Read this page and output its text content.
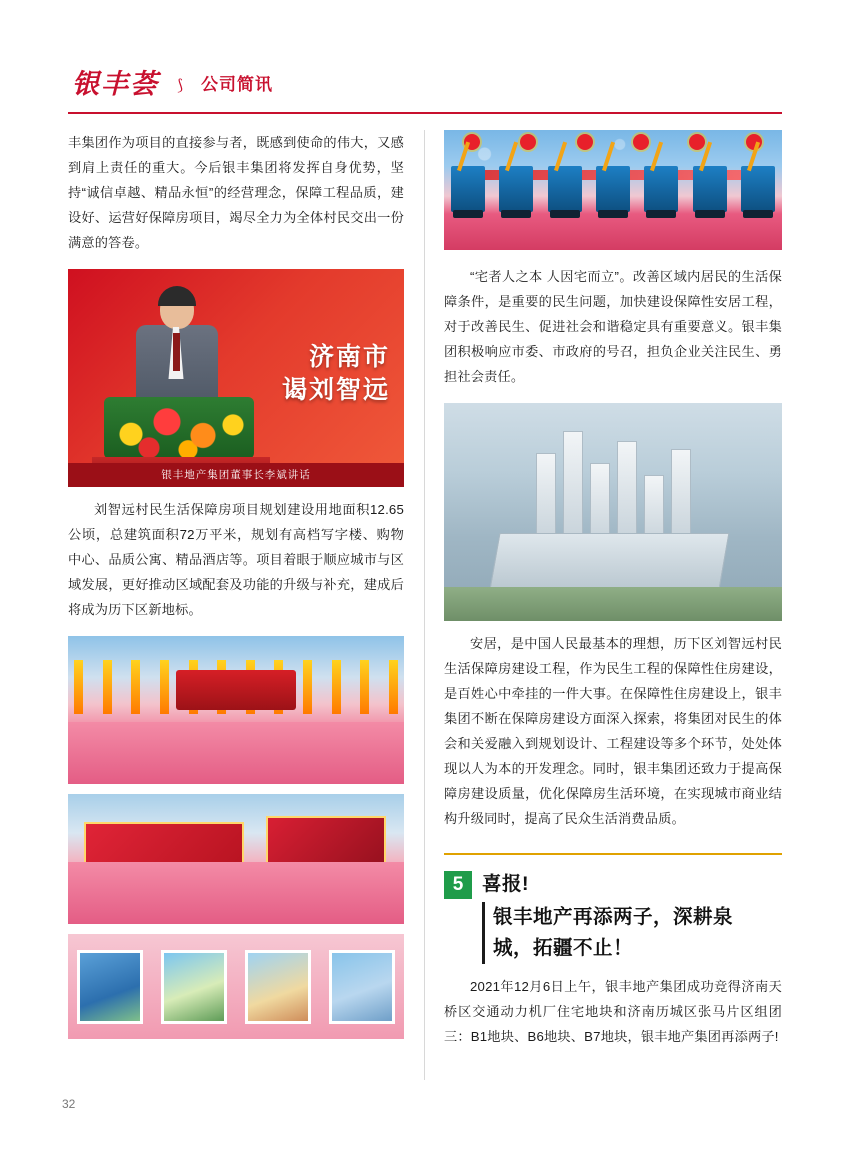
银丰荟 ⟆ 公司简讯

丰集团作为项目的直接参与者，既感到使命的伟大，又感到肩上责任的重大。今后银丰集团将发挥自身优势，坚持“诚信卓越、精品永恒”的经营理念，保障工程品质，建设好、运营好保障房项目，竭尽全力为全体村民交出一份满意的答卷。

济南市
谒刘智远
银丰地产集团董事长李斌讲话

刘智远村民生活保障房项目规划建设用地面积12.65公顷，总建筑面积72万平米，规划有高档写字楼、购物中心、品质公寓、精品酒店等。项目着眼于顺应城市与区域发展，更好推动区域配套及功能的升级与补充，建成后将成为历下区新地标。

“宅者人之本 人因宅而立”。改善区域内居民的生活保障条件，是重要的民生问题，加快建设保障性安居工程，对于改善民生、促进社会和谐稳定具有重要意义。银丰集团积极响应市委、市政府的号召，担负企业关注民生、勇担社会责任。

安居，是中国人民最基本的理想，历下区刘智远村民生活保障房建设工程，作为民生工程的保障性住房建设，是百姓心中牵挂的一件大事。在保障性住房建设上，银丰集团不断在保障房建设方面深入探索，将集团对民生的体会和关爱融入到规划设计、工程建设等多个环节，处处体现以人为本的开发理念。同时，银丰集团还致力于提高保障房建设质量，优化保障房生活环境，在实现城市商业结构升级同时，提高了民众生活消费品质。

5 喜报!
银丰地产再添两子，深耕泉
城，拓疆不止！

2021年12月6日上午，银丰地产集团成功竞得济南天桥区交通动力机厂住宅地块和济南历城区张马片区组团三：B1地块、B6地块、B7地块，银丰地产集团再添两子!

32
